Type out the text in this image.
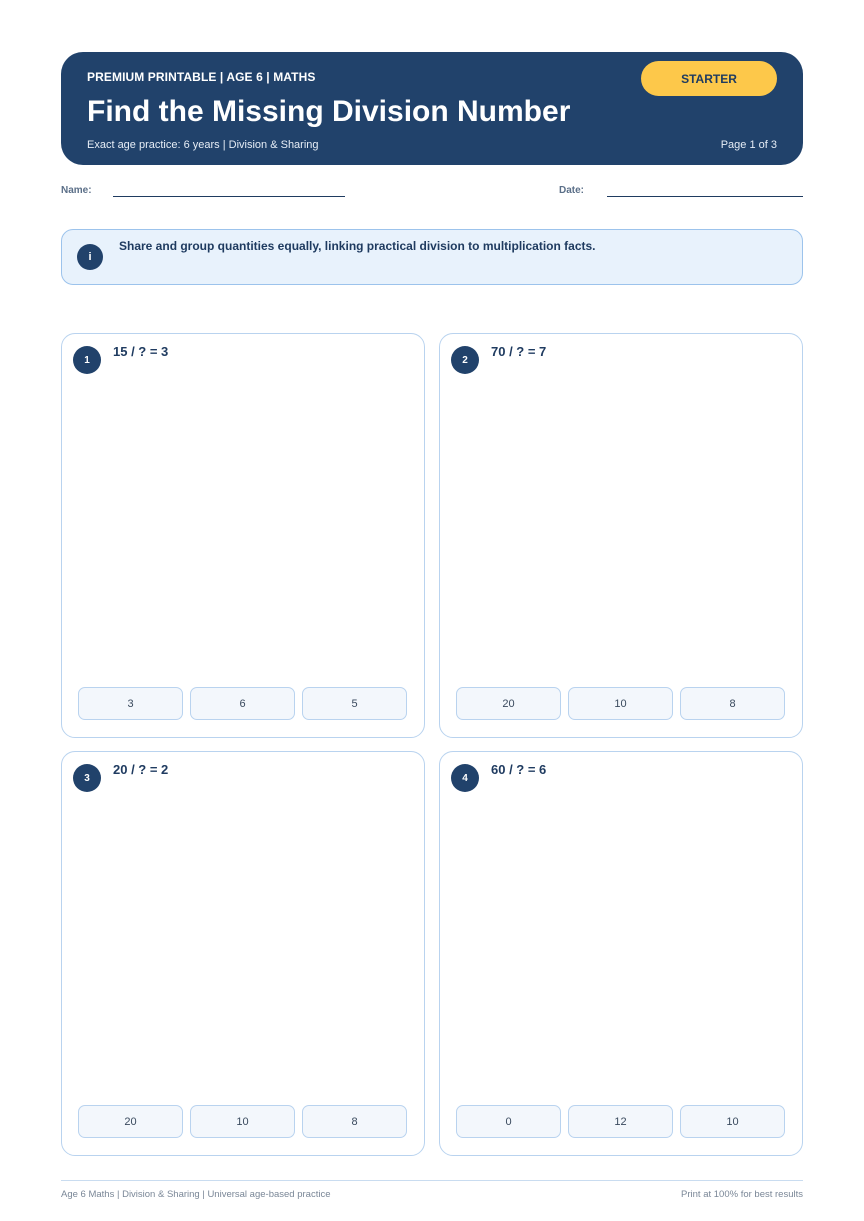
PREMIUM PRINTABLE | AGE 6 | MATHS
Find the Missing Division Number
Exact age practice: 6 years | Division & Sharing	Page 1 of 3
STARTER
Name:	Date:
i
Share and group quantities equally, linking practical division to multiplication facts.
1
15 / ? = 3
3	6	5
2
70 / ? = 7
20	10	8
3
20 / ? = 2
20	10	8
4
60 / ? = 6
0	12	10
Age 6 Maths | Division & Sharing | Universal age-based practice	Print at 100% for best results
